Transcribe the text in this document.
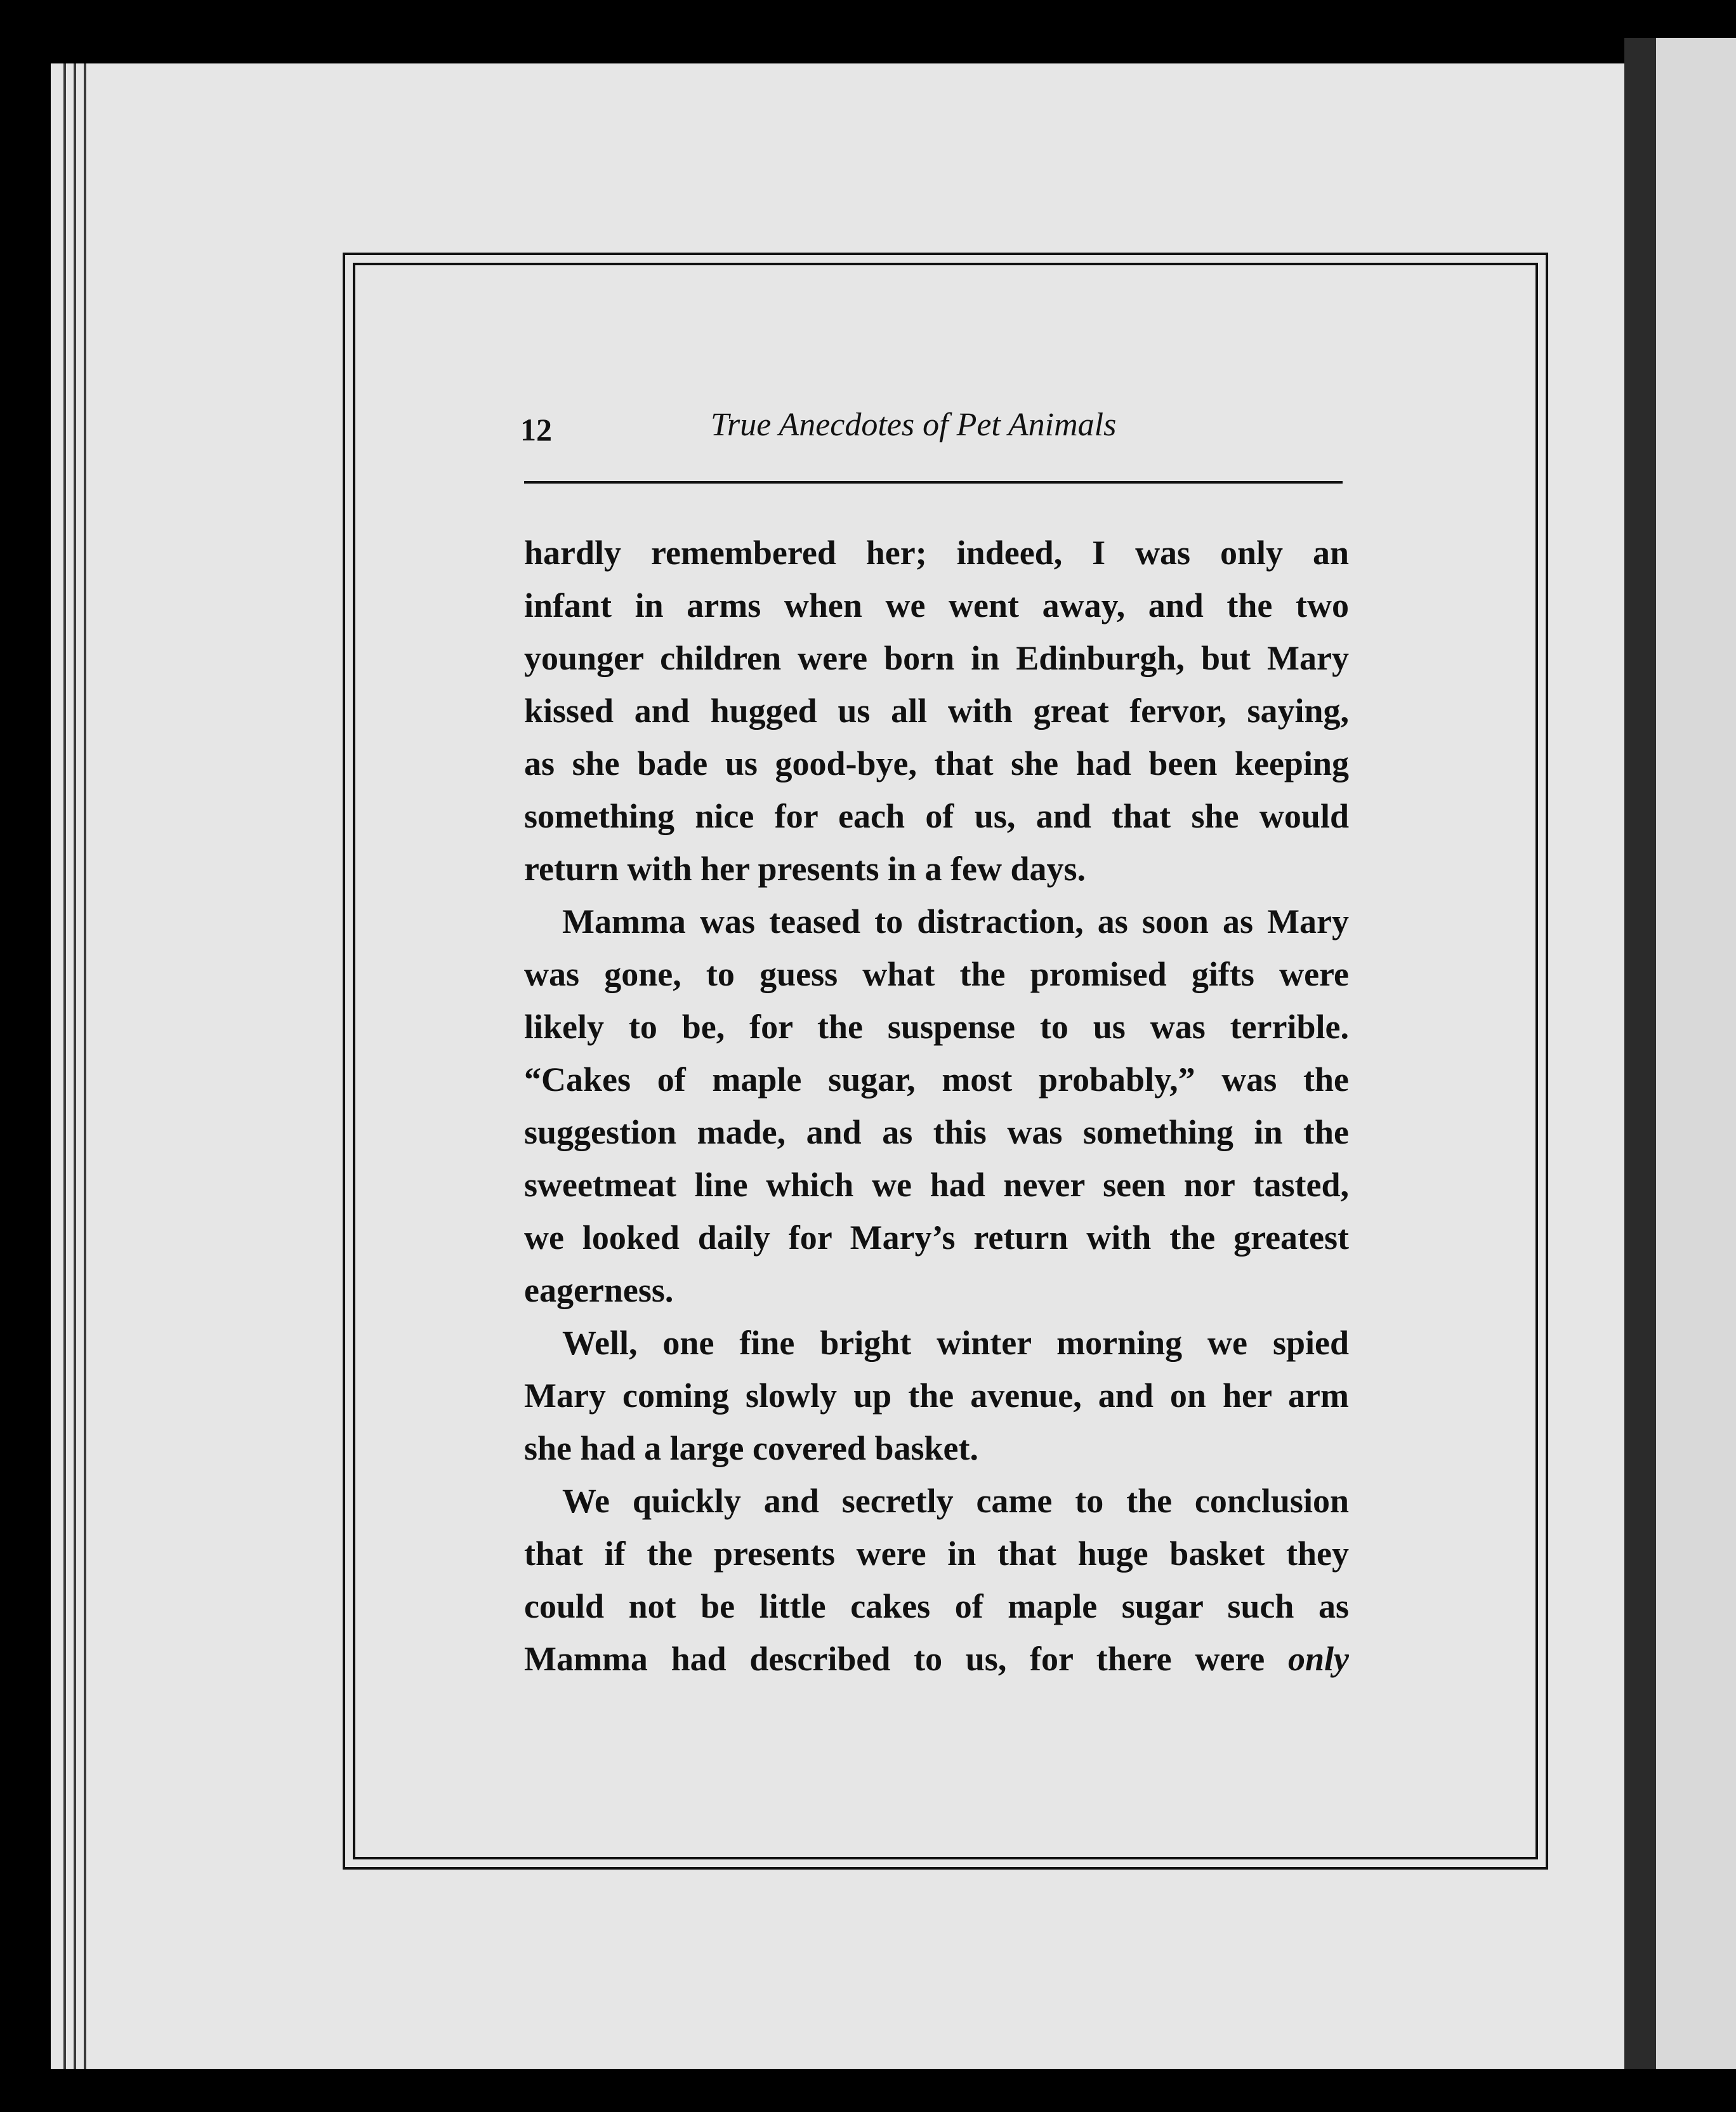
12	True Anecdotes of Pet Animals

hardly remembered her; indeed, I was only an
infant in arms when we went away, and the two
younger children were born in Edinburgh, but Mary
kissed and hugged us all with great fervor, saying,
as she bade us good-bye, that she had been keeping
something nice for each of us, and that she would
return with her presents in a few days.

Mamma was teased to distraction, as soon as Mary
was gone, to guess what the promised gifts were
likely to be, for the suspense to us was terrible.
“Cakes of maple sugar, most probably,” was the
suggestion made, and as this was something in the
sweetmeat line which we had never seen nor tasted,
we looked daily for Mary’s return with the greatest
eagerness.

Well, one fine bright winter morning we spied
Mary coming slowly up the avenue, and on her arm
she had a large covered basket.

We quickly and secretly came to the conclusion
that if the presents were in that huge basket they
could not be little cakes of maple sugar such as
Mamma had described to us, for there were only
